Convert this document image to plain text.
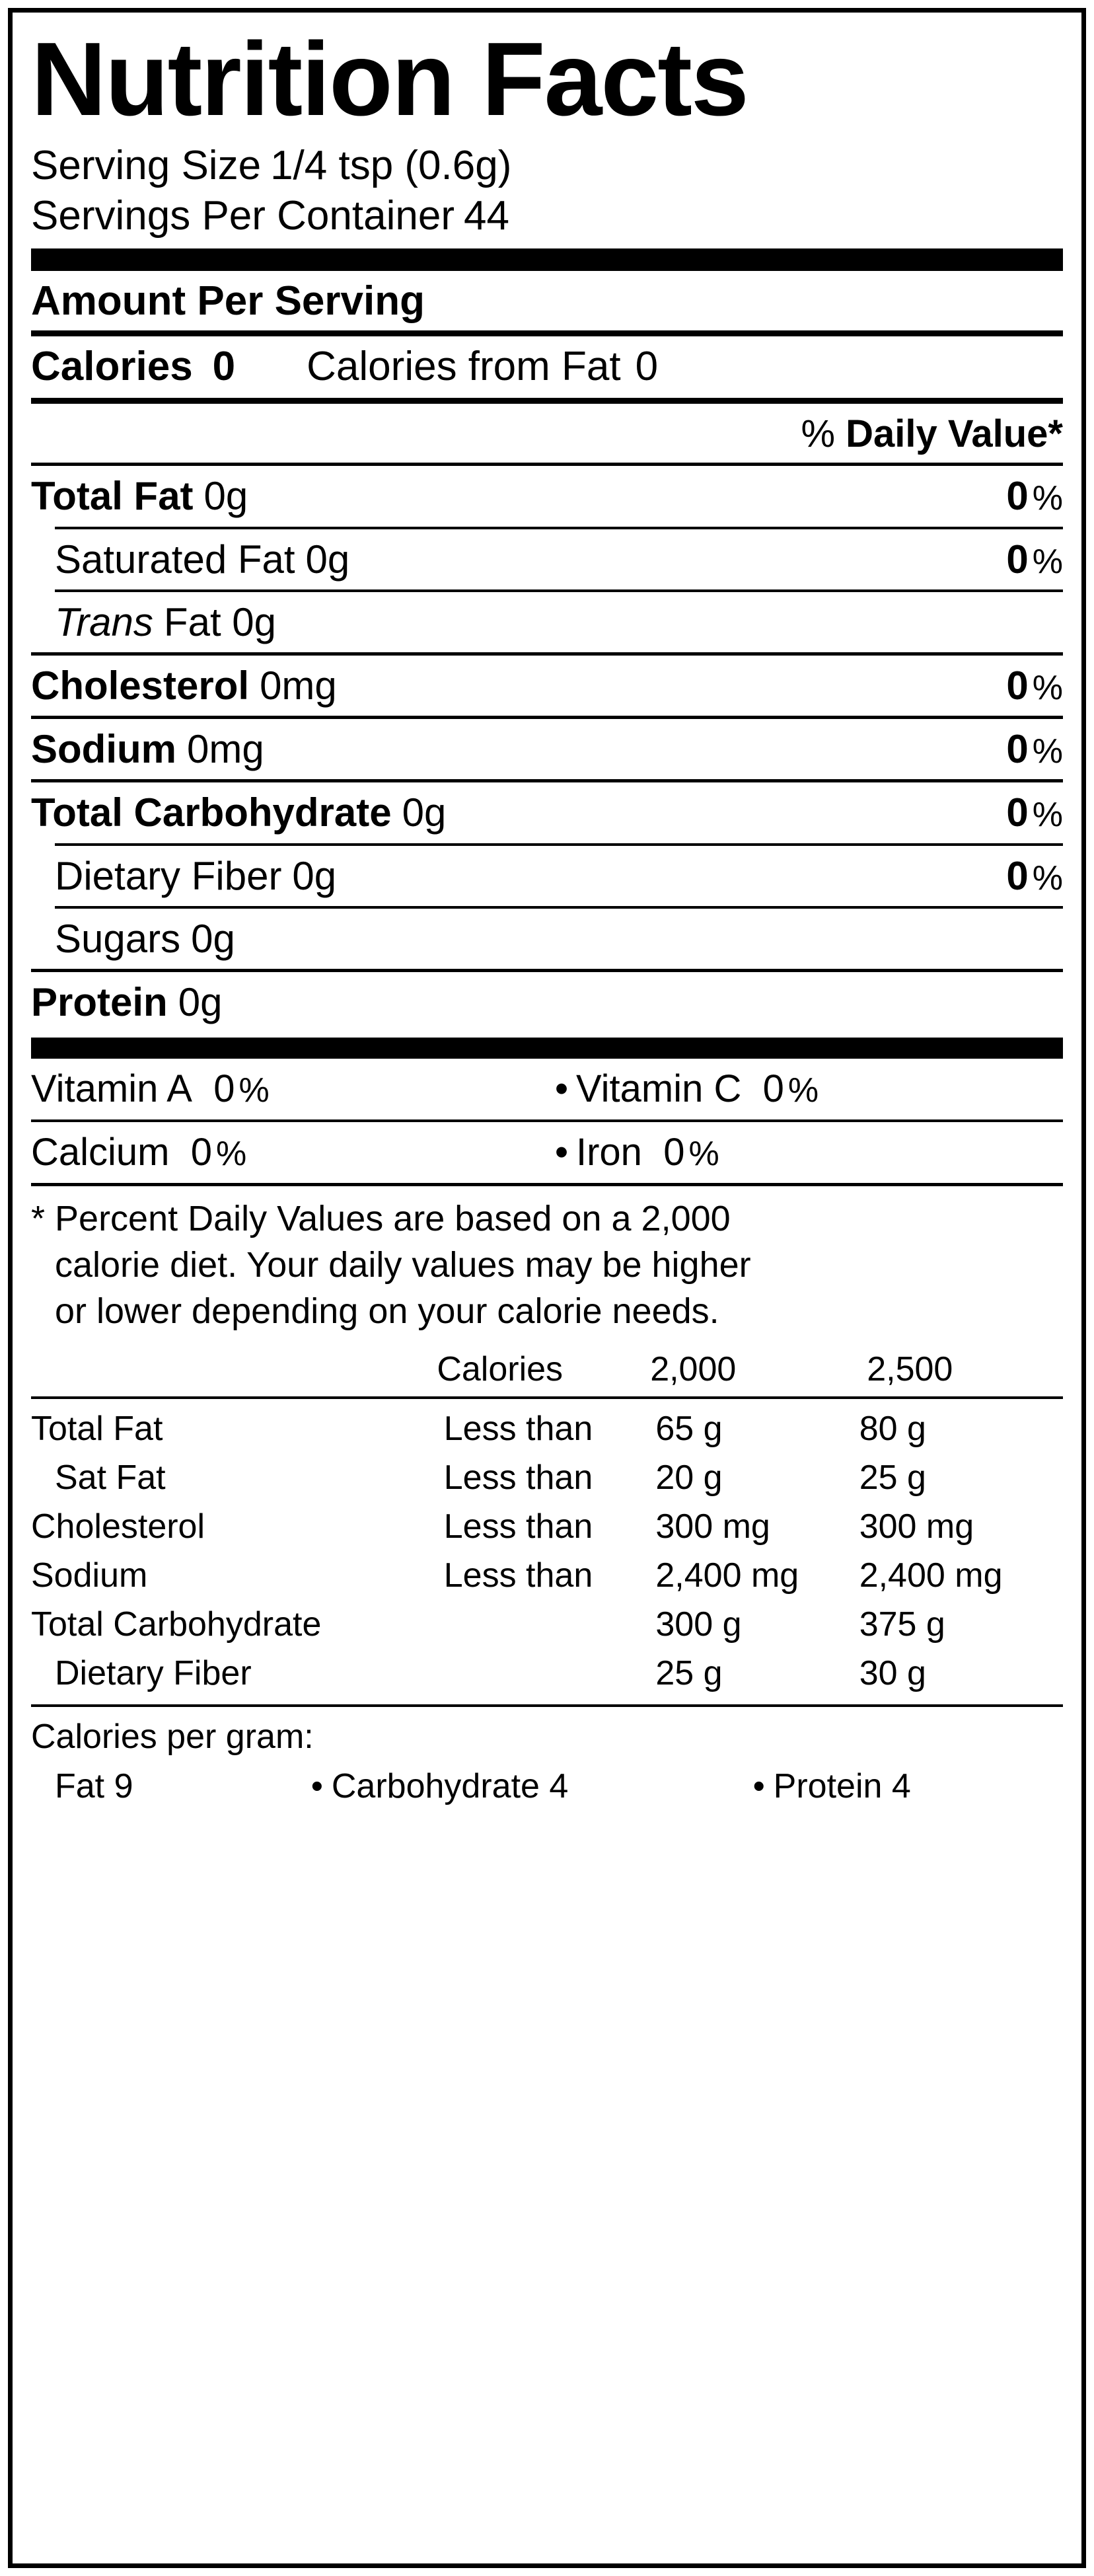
Nutrition Facts
Serving Size 1/4 tsp (0.6g)
Servings Per Container 44
Amount Per Serving
Calories 0 Calories from Fat 0
% Daily Value*
Total Fat 0g	0 %
Saturated Fat 0g	0 %
Trans Fat 0g
Cholesterol 0mg	0 %
Sodium 0mg	0 %
Total Carbohydrate 0g	0 %
Dietary Fiber 0g	0 %
Sugars 0g
Protein 0g
Vitamin A 0 %	• Vitamin C 0 %
Calcium 0 %	• Iron 0 %
* Percent Daily Values are based on a 2,000
calorie diet. Your daily values may be higher
or lower depending on your calorie needs.
	Calories	2,000	2,500
Total Fat	Less than	65 g	80 g
Sat Fat	Less than	20 g	25 g
Cholesterol	Less than	300 mg	300 mg
Sodium	Less than	2,400 mg	2,400 mg
Total Carbohydrate		300 g	375 g
Dietary Fiber		25 g	30 g
Calories per gram:
Fat 9	• Carbohydrate 4	• Protein 4
